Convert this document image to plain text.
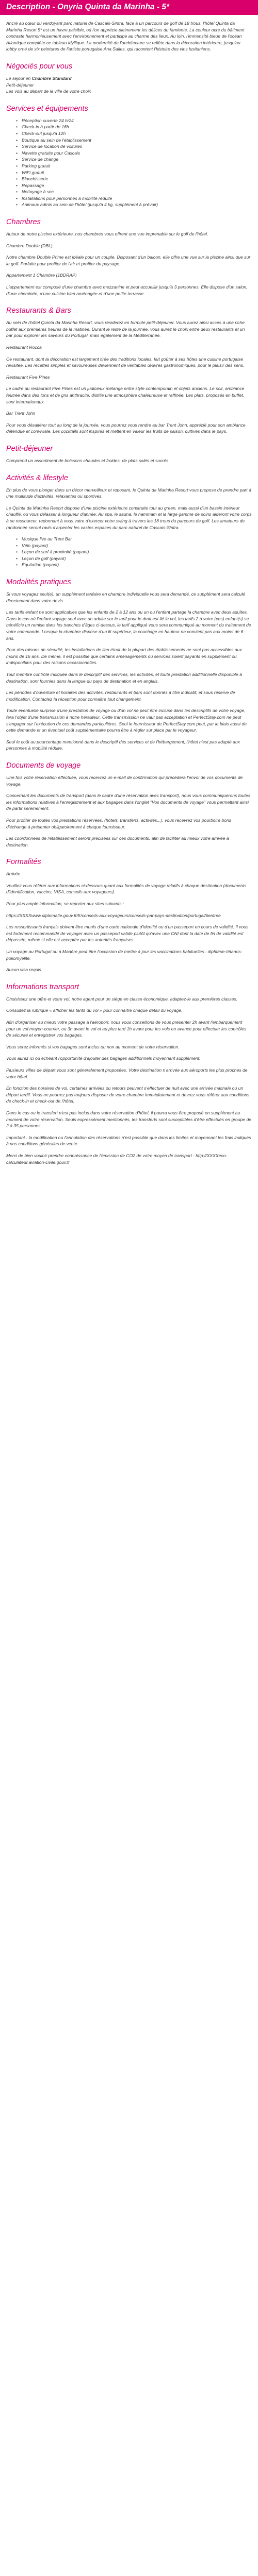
Description - Onyria Quinta da Marinha - 5*

Ancré au cœur du verdoyant parc naturel de Cascais-Sintra, face à un parcours de golf de 18 trous, l'hôtel Quinta da Marinha Resort 5* est un havre paisible, où l'on apprécie pleinement les délices du farniente. La couleur ocre du bâtiment contraste harmonieusement avec l'environnement et participe au charme des lieux. Au loin, l'immensité bleue de l'océan Atlantique complète ce tableau idyllique. La modernité de l'architecture se reflète dans la décoration intérieure, jusqu'au lobby orné de six peintures de l'artiste portugaise Ana Salles, qui racontent l'histoire des vins lusitaniens.

Négociés pour vous

Le séjour en Chambre Standard
Petit-déjeuner
Les vols au départ de la ville de votre choix

Services et équipements
• Réception ouverte 24 h/24
• Check-in à partir de 16h
• Check-out jusqu'à 12h
• Boutique au sein de l'établissement
• Service de location de voitures
• Navette gratuite pour Cascais
• Service de change
• Parking gratuit
• WiFi gratuit
• Blanchisserie
• Repassage
• Nettoyage à sec
• Installations pour personnes à mobilité réduite
• Animaux admis au sein de l'hôtel (jusqu'à 4 kg, supplément à prévoir)
Chambres

Autour de notre piscine extérieure, nos chambres vous offrent une vue imprenable sur le golf de l'hôtel.

Chambre Double (DBL)

Notre chambre Double Prime est idéale pour un couple. Disposant d'un balcon, elle offre une vue sur la piscine ainsi que sur le golf. Parfaite pour profiter de l'air et profiter du paysage.

Appartement 1 Chambre (1BDRAP)

L'appartement est composé d'une chambre avec mezzanine et peut accueillir jusqu'à 3 personnes. Elle dispose d'un salon, d'une cheminée, d'une cuisine bien aménagée et d'une petite terrasse.

Restaurants & Bars

Au sein de l'hôtel Quinta da Marinha Resort, vous résiderez en formule petit-déjeuner. Vous aurez ainsi accès à une riche buffet aux premières heures de la matinée. Durant le reste de la journée, vous aurez le choix entre deux restaurants et un bar pour explorer les saveurs du Portugal, mais également de la Méditerranée.

Restaurant Rocca

Ce restaurant, dont la décoration est largement tirée des traditions locales, fait goûter à ses hôtes une cuisine portugaise revisitée. Les recettes simples et savoureuses deviennent de véritables œuvres gastronomiques, pour le plaisir des sens.

Restaurant Five Pines

Le cadre du restaurant Five Pines est un judicieux mélange entre style contemporain et objets anciens. Le soir, ambiance feutrée dans des tons et de gris anthracite, distille une atmosphère chaleureuse et raffinée. Les plats, proposés en buffet, sont internationaux.

Bar Trent John

Pour vous désaltérer tout au long de la journée, vous pourrez vous rendre au bar Trent John, apprécié pour son ambiance détendue et conviviale. Les cocktails sont inspirés et mettent en valeur les fruits de saison, cultivés dans le pays.

Petit-déjeuner

Comprend un assortiment de boissons chaudes et froides, de plats salés et sucrés.

Activités & lifestyle

En plus de vous plonger dans un décor merveilleux et reposant, le Quinta da Marinha Resort vous propose de prendre part à une multitude d'activités, relaxantes ou sportives.

Le Quinta da Marinha Resort dispose d'une piscine extérieure construite tout au green, mais aussi d'un bassin intérieur chauffé, où vous délasser à longueur d'année. Au spa, le sauna, le hammam et la large gamme de soins aideront votre corps à se ressourcer, redonnant à vous votre d'exercer votre swing à travers les 18 trous du parcours de golf. Les amateurs de randonnée seront ravis d'arpenter les vastes espaces du parc naturel de Cascais-Sintra.

• Musique live au Trent Bar
• Vélo (payant)
• Leçon de surf à proximité (payant)
• Leçon de golf (payant)
• Équitation (payant)
Modalités pratiques

Si vous voyagez seul(e), un supplément tarifaire en chambre individuelle vous sera demandé, ce supplément sera calculé directement dans votre devis.

Les tarifs enfant ne sont applicables que les enfants de 2 à 12 ans ou un ou l'enfant partage la chambre avec deux adultes. Dans le cas où l'enfant voyage seul avec un adulte sur le tarif pour le droit est lié le vol, les tarifs 2 à votre (ces) enfant(s) se bénéficie un remise dans les tranches d'âges ci-dessus, le tarif appliqué vous sera communiqué au moment du traitement de votre commande. Lorsque la chambre dispose d'un lit supérieur, la couchage en hauteur ne convient pas aux moins de 6 ans.

Pour des raisons de sécurité, les installations de lien étroit de la plupart des établissements ne sont pas accessibles aux moins de 16 ans. De même, il est possible que certains aménagements ou services soient payants en supplément ou indisponibles pour des raisons occasionnelles.

Tout membre contrôlé indiquée dans le descriptif des services, les activités, et toute prestation additionnelle disponible à destination, sont fournies dans la langue du pays de destination et en anglais.

Les périodes d'ouverture et horaires des activités, restaurants et bars sont donnés à titre indicatif, et sous réserve de modification. Contactez la réception pour connaître tout changement.

Toute éventuelle surprise d'une prestation de voyage ou d'un vol ne peut être incluse dans les descriptifs de votre voyage, fera l'objet d'une transmission à notre hérauteur. Cette transmission ne vaut pas acceptation et PerfectStay.com ne peut s'engager sur l'exécution de ces demandes particulières. Seul le fournisseur de PerfectStay.com peut, par le biais aussi de cette demande et un éventuel coût supplémentaire pourra être à régler sur place par le voyageur.

Seul le coût au pourcentage mentionné dans le descriptif des services et de l'hébergement, l'hôtel n'est pas adapté aux personnes à mobilité réduite.

Documents de voyage

Une fois votre réservation effectuée, vous recevrez un e-mail de confirmation qui précédera l'envoi de vos documents de voyage.

Concernant les documents de transport (dans le cadre d'une réservation avec transport), nous vous communiquerons toutes les informations relatives à l'enregistrement et aux bagages dans l'onglet "Vos documents de voyage" vous permettant ainsi de partir sereinement.

Pour profiter de toutes vos prestations réservées, (hôtels, transferts, activités...), vous recevrez vos pourboire bons d'échange à présenter obligatoirement à chaque fournisseur.

Les coordonnées de l'établissement seront précisées sur ces documents, afin de faciliter au mieux votre arrivée à destination.

Formalités

Arrivée

Veuillez vous référer aux informations ci-dessous quant aux formalités de voyage relatifs à chaque destination (documents d'identification, vaccins, VISA, conseils aux voyageurs).

Pour plus ample information, se reporter aux sites suivants :

https://XXXXwww.diplomatie.gouv.fr/fr/conseils-aux-voyageurs/conseils-par-pays-destination/portugal/#entree

Les ressortissants français doivent être munis d'une carte nationale d'identité ou d'un passeport en cours de validité. Il vous est fortement recommandé de voyager avec un passeport valide plutôt qu'avec une CNI dont la date de fin de validité est dépassée, même si elle est acceptée par les autorités françaises.

Un voyage au Portugal ou à Madère peut être l'occasion de mettre à jour les vaccinations habituelles : diphtérie-tétanos-poliomyélite.

Aucun visa requis

Informations transport

Choisissez une offre et votre vol, notre agent pour un siège en classe économique, adaptez-le aux premières classes.

Consultez la rubrique « afficher les tarifs du vol » pour connaître chaque détail du voyage.

Afin d'organiser au mieux votre passage à l'aéroport, nous vous conseillons de vous présenter 2h avant l'embarquement pour un vol moyen-courrier, ou 3h avant le vol et au plus tard 1h avant pour les vols en avance pour effectuer les contrôles de sécurité et enregistrer vos bagages.

Vous serez informés si vos bagages sont inclus ou non au moment de votre réservation.

Vous aurez ici ou échéant l'opportunité d'ajouter des bagages additionnels moyennant supplément.

Plusieurs villes de départ vous sont généralement proposées. Votre destination n'arrivée aux aéroports les plus proches de votre hôtel.

En fonction des horaires de vol, certaines arrivées ou retours peuvent s'effectuer de nuit avec une arrivée matinale ou un départ tardif. Vous ne pourrez pas toujours disposer de votre chambre immédiatement et devrez vous référer aux conditions de check-in et check-out de l'hôtel.

Dans le cas ou le transfert n'est pas inclus dans votre réservation d'hôtel, il pourra vous être proposé en supplément au moment de votre réservation. Seuls expressément mentionnés, les transferts sont susceptibles d'être effectués en groupe de 2 à 35 personnes.

Important : la modification ou l'annulation des réservations n'est possible que dans les limites et moyennant les frais indiqués à nos conditions générales de vente.

Merci de bien vouloir prendre connaissance de l'émission de CO2 de votre moyen de transport : http://XXXXeco-calculateur.aviation-civile.gouv.fr
